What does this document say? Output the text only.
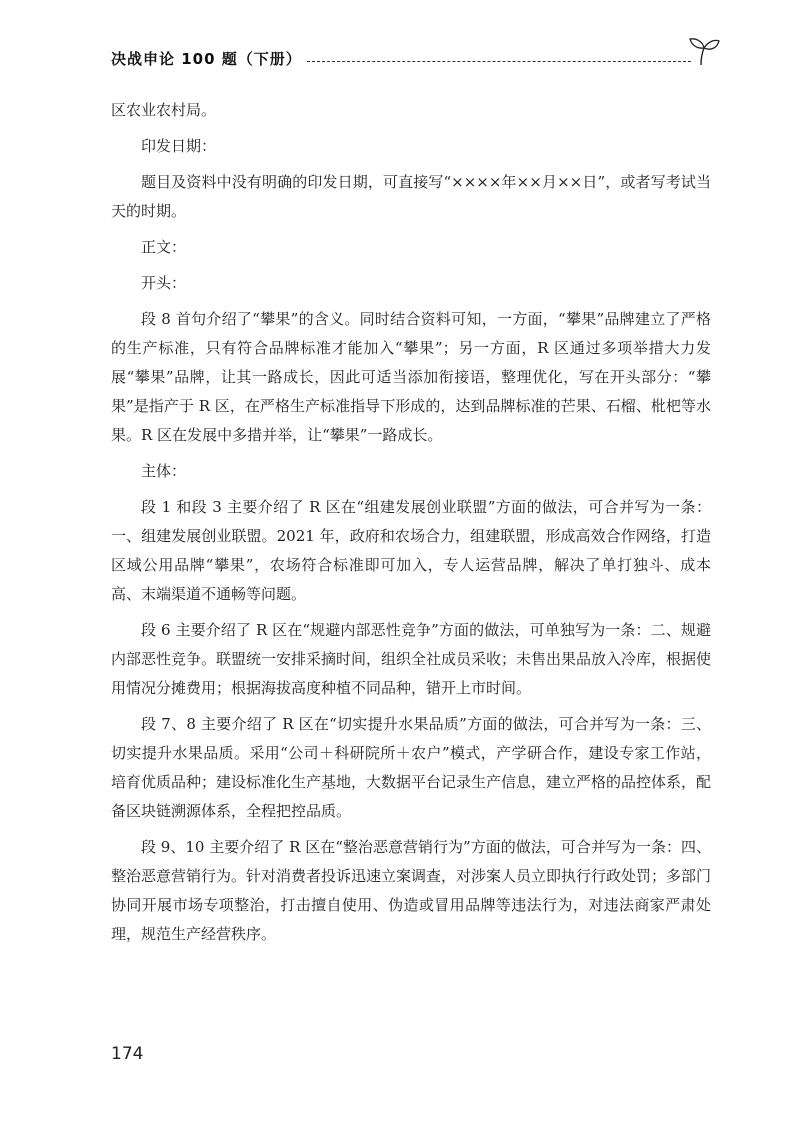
决战申论 100 题（下册）

区农业农村局。

印发日期：

题目及资料中没有明确的印发日期，可直接写“××××年××月××日”，或者写考试当天的时期。

正文：

开头：

段 8 首句介绍了“攀果”的含义。同时结合资料可知，一方面，“攀果”品牌建立了严格的生产标准，只有符合品牌标准才能加入“攀果”；另一方面，R 区通过多项举措大力发展“攀果”品牌，让其一路成长，因此可适当添加衔接语，整理优化，写在开头部分：“攀果”是指产于 R 区，在严格生产标准指导下形成的，达到品牌标准的芒果、石榴、枇杷等水果。R 区在发展中多措并举，让“攀果”一路成长。

主体：

段 1 和段 3 主要介绍了 R 区在“组建发展创业联盟”方面的做法，可合并写为一条：一、组建发展创业联盟。2021 年，政府和农场合力，组建联盟，形成高效合作网络，打造区域公用品牌“攀果”，农场符合标准即可加入，专人运营品牌，解决了单打独斗、成本高、末端渠道不通畅等问题。

段 6 主要介绍了 R 区在“规避内部恶性竞争”方面的做法，可单独写为一条：二、规避内部恶性竞争。联盟统一安排采摘时间，组织全社成员采收；未售出果品放入冷库，根据使用情况分摊费用；根据海拔高度种植不同品种，错开上市时间。

段 7、8 主要介绍了 R 区在“切实提升水果品质”方面的做法，可合并写为一条：三、切实提升水果品质。采用“公司＋科研院所＋农户”模式，产学研合作，建设专家工作站，培育优质品种；建设标准化生产基地，大数据平台记录生产信息，建立严格的品控体系，配备区块链溯源体系，全程把控品质。

段 9、10 主要介绍了 R 区在“整治恶意营销行为”方面的做法，可合并写为一条：四、整治恶意营销行为。针对消费者投诉迅速立案调查，对涉案人员立即执行行政处罚；多部门协同开展市场专项整治，打击擅自使用、伪造或冒用品牌等违法行为，对违法商家严肃处理，规范生产经营秩序。

174
